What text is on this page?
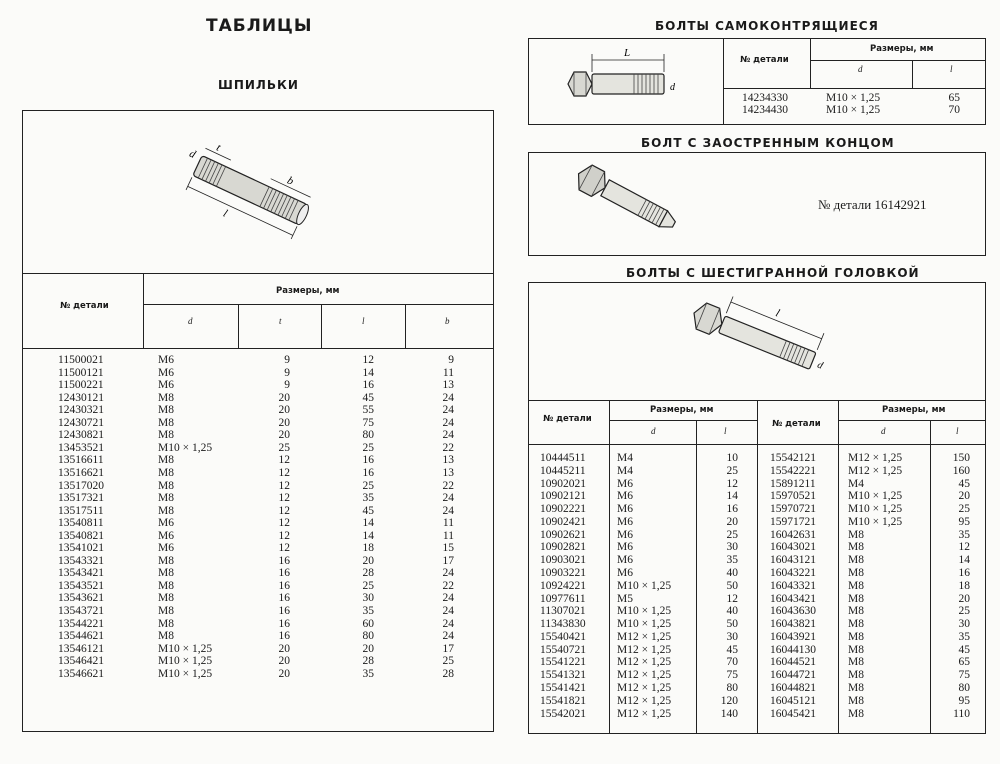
ТАБЛИЦЫ
ШПИЛЬКИ
l
t
b
d
№ детали
Размеры, мм
d	t	l	b
11500021	M6	9	12	9
11500121	M6	9	14	11
11500221	M6	9	16	13
12430121	M8	20	45	24
12430321	M8	20	55	24
12430721	M8	20	75	24
12430821	M8	20	80	24
13453521	M10 × 1,25	25	25	22
13516611	M8	12	16	13
13516621	M8	12	16	13
13517020	M8	12	25	22
13517321	M8	12	35	24
13517511	M8	12	45	24
13540811	M6	12	14	11
13540821	M6	12	14	11
13541021	M6	12	18	15
13543321	M8	16	20	17
13543421	M8	16	28	24
13543521	M8	16	25	22
13543621	M8	16	30	24
13543721	M8	16	35	24
13544221	M8	16	60	24
13544621	M8	16	80	24
13546121	M10 × 1,25	20	20	17
13546421	M10 × 1,25	20	28	25
13546621	M10 × 1,25	20	35	28
БОЛТЫ САМОКОНТРЯЩИЕСЯ
L
d
№ детали
Размеры, мм
d	l
14234330	M10 × 1,25	65
14234430	M10 × 1,25	70
БОЛТ С ЗАОСТРЕННЫМ КОНЦОМ
№ детали 16142921
БОЛТЫ С ШЕСТИГРАННОЙ ГОЛОВКОЙ
l
d
№ детали
Размеры, мм
d	l
№ детали
Размеры, мм
d	l
10444511	M4	10
10445211	M4	25
10902021	M6	12
10902121	M6	14
10902221	M6	16
10902421	M6	20
10902621	M6	25
10902821	M6	30
10903021	M6	35
10903221	M6	40
10924221	M10 × 1,25	50
10977611	M5	12
11307021	M10 × 1,25	40
11343830	M10 × 1,25	50
15540421	M12 × 1,25	30
15540721	M12 × 1,25	45
15541221	M12 × 1,25	70
15541321	M12 × 1,25	75
15541421	M12 × 1,25	80
15541821	M12 × 1,25	120
15542021	M12 × 1,25	140
15542121	M12 × 1,25	150
15542221	M12 × 1,25	160
15891211	M4	45
15970521	M10 × 1,25	20
15970721	M10 × 1,25	25
15971721	M10 × 1,25	95
16042631	M8	35
16043021	M8	12
16043121	M8	14
16043221	M8	16
16043321	M8	18
16043421	M8	20
16043630	M8	25
16043821	M8	30
16043921	M8	35
16044130	M8	45
16044521	M8	65
16044721	M8	75
16044821	M8	80
16045121	M8	95
16045421	M8	110
